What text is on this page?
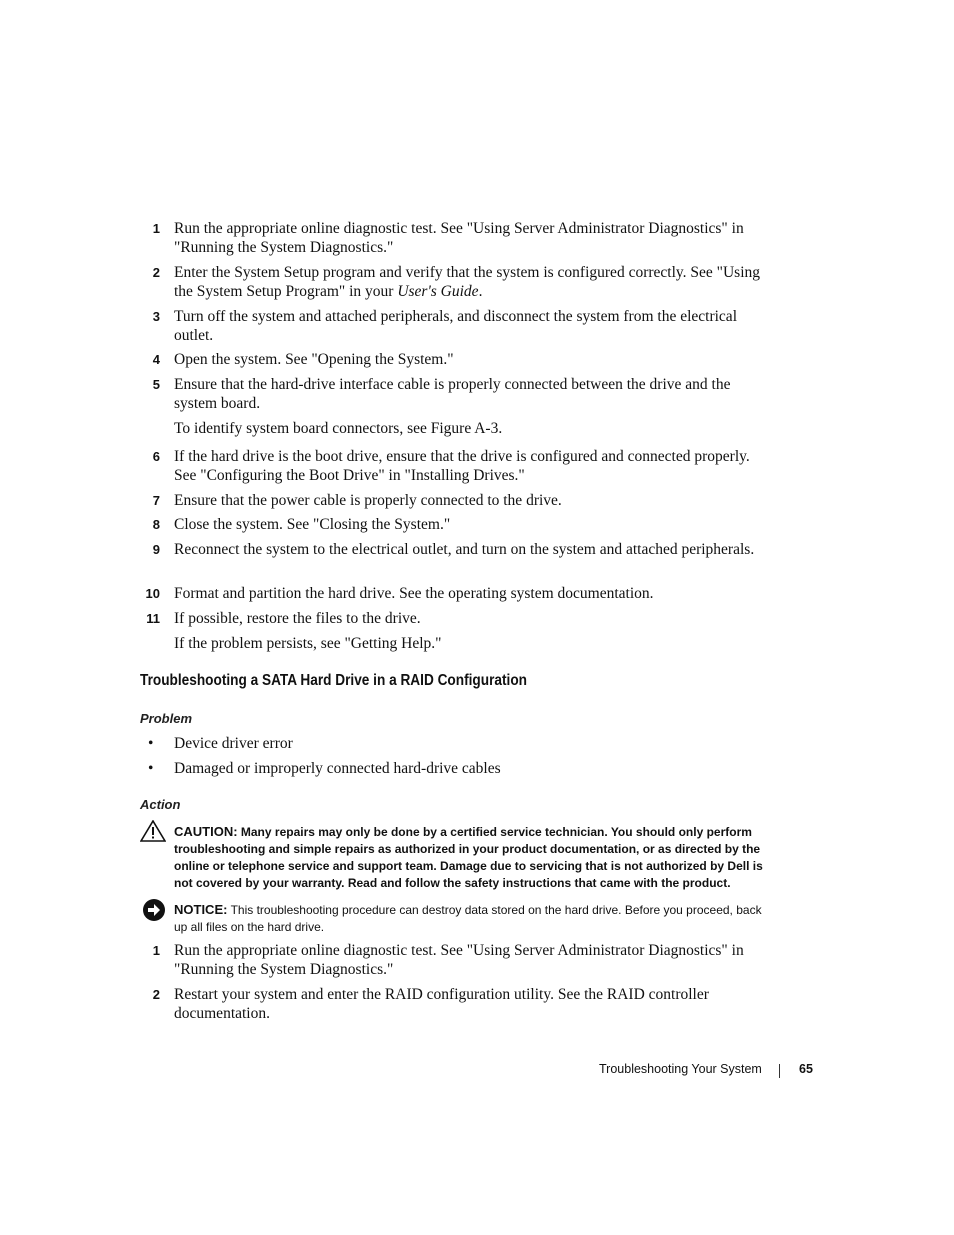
1 Run the appropriate online diagnostic test. See "Using Server Administrator Diagnostics" in "Running the System Diagnostics."
2 Enter the System Setup program and verify that the system is configured correctly. See "Using the System Setup Program" in your User's Guide.
3 Turn off the system and attached peripherals, and disconnect the system from the electrical outlet.
4 Open the system. See "Opening the System."
5 Ensure that the hard-drive interface cable is properly connected between the drive and the system board.
To identify system board connectors, see Figure A-3.
6 If the hard drive is the boot drive, ensure that the drive is configured and connected properly. See "Configuring the Boot Drive" in "Installing Drives."
7 Ensure that the power cable is properly connected to the drive.
8 Close the system. See "Closing the System."
9 Reconnect the system to the electrical outlet, and turn on the system and attached peripherals.
10 Format and partition the hard drive. See the operating system documentation.
11 If possible, restore the files to the drive.
If the problem persists, see "Getting Help."
Troubleshooting a SATA Hard Drive in a RAID Configuration
Problem
• Device driver error
• Damaged or improperly connected hard-drive cables
Action
CAUTION: Many repairs may only be done by a certified service technician. You should only perform troubleshooting and simple repairs as authorized in your product documentation, or as directed by the online or telephone service and support team. Damage due to servicing that is not authorized by Dell is not covered by your warranty. Read and follow the safety instructions that came with the product.
NOTICE: This troubleshooting procedure can destroy data stored on the hard drive. Before you proceed, back up all files on the hard drive.
1 Run the appropriate online diagnostic test. See "Using Server Administrator Diagnostics" in "Running the System Diagnostics."
2 Restart your system and enter the RAID configuration utility. See the RAID controller documentation.
Troubleshooting Your System	65
